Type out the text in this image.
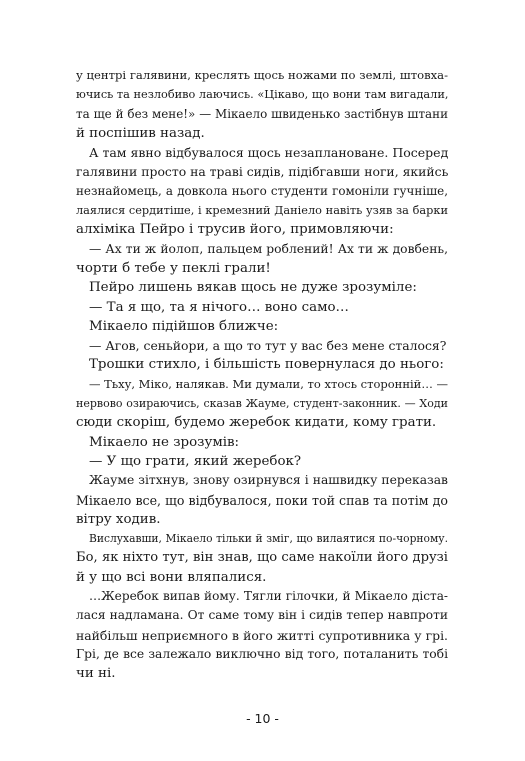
у центрі галявини, креслять щось ножами по землі, штовха-
ючись та незлобиво лаючись. «Цікаво, що вони там вигадали,
та ще й без мене!» — Мікаело швиденько застібнув штани
й поспішив назад.
А там явно відбувалося щось незаплановане. Посеред
галявини просто на траві сидів, підібгавши ноги, якийсь
незнайомець, а довкола нього студенти гомоніли гучніше,
лаялися сердитіше, і кремезний Даніело навіть узяв за барки
алхіміка Пейро і трусив його, примовляючи:
— Ах ти ж йолоп, пальцем роблений! Ах ти ж довбень,
чорти б тебе у пеклі грали!
Пейро лишень вякав щось не дуже зрозуміле:
— Та я що, та я нічого… воно само…
Мікаело підійшов ближче:
— Агов, сеньйори, а що то тут у вас без мене сталося?
Трошки стихло, і більшість повернулася до нього:
— Тьху, Міко, налякав. Ми думали, то хтось сторонній… —
нервово озираючись, сказав Жауме, студент-законник. — Ходи
сюди скоріш, будемо жеребок кидати, кому грати.
Мікаело не зрозумів:
— У що грати, який жеребок?
Жауме зітхнув, знову озирнувся і нашвидку переказав
Мікаело все, що відбувалося, поки той спав та потім до
вітру ходив.
Вислухавши, Мікаело тільки й зміг, що вилаятися по-чорному.
Бо, як ніхто тут, він знав, що саме накоїли його друзі
й у що всі вони вляпалися.
…Жеребок випав йому. Тягли гілочки, й Мікаело діста-
лася надламана. От саме тому він і сидів тепер навпроти
найбільш неприємного в його житті супротивника у грі.
Грі, де все залежало виключно від того, поталанить тобі
чи ні.
- 10 -
